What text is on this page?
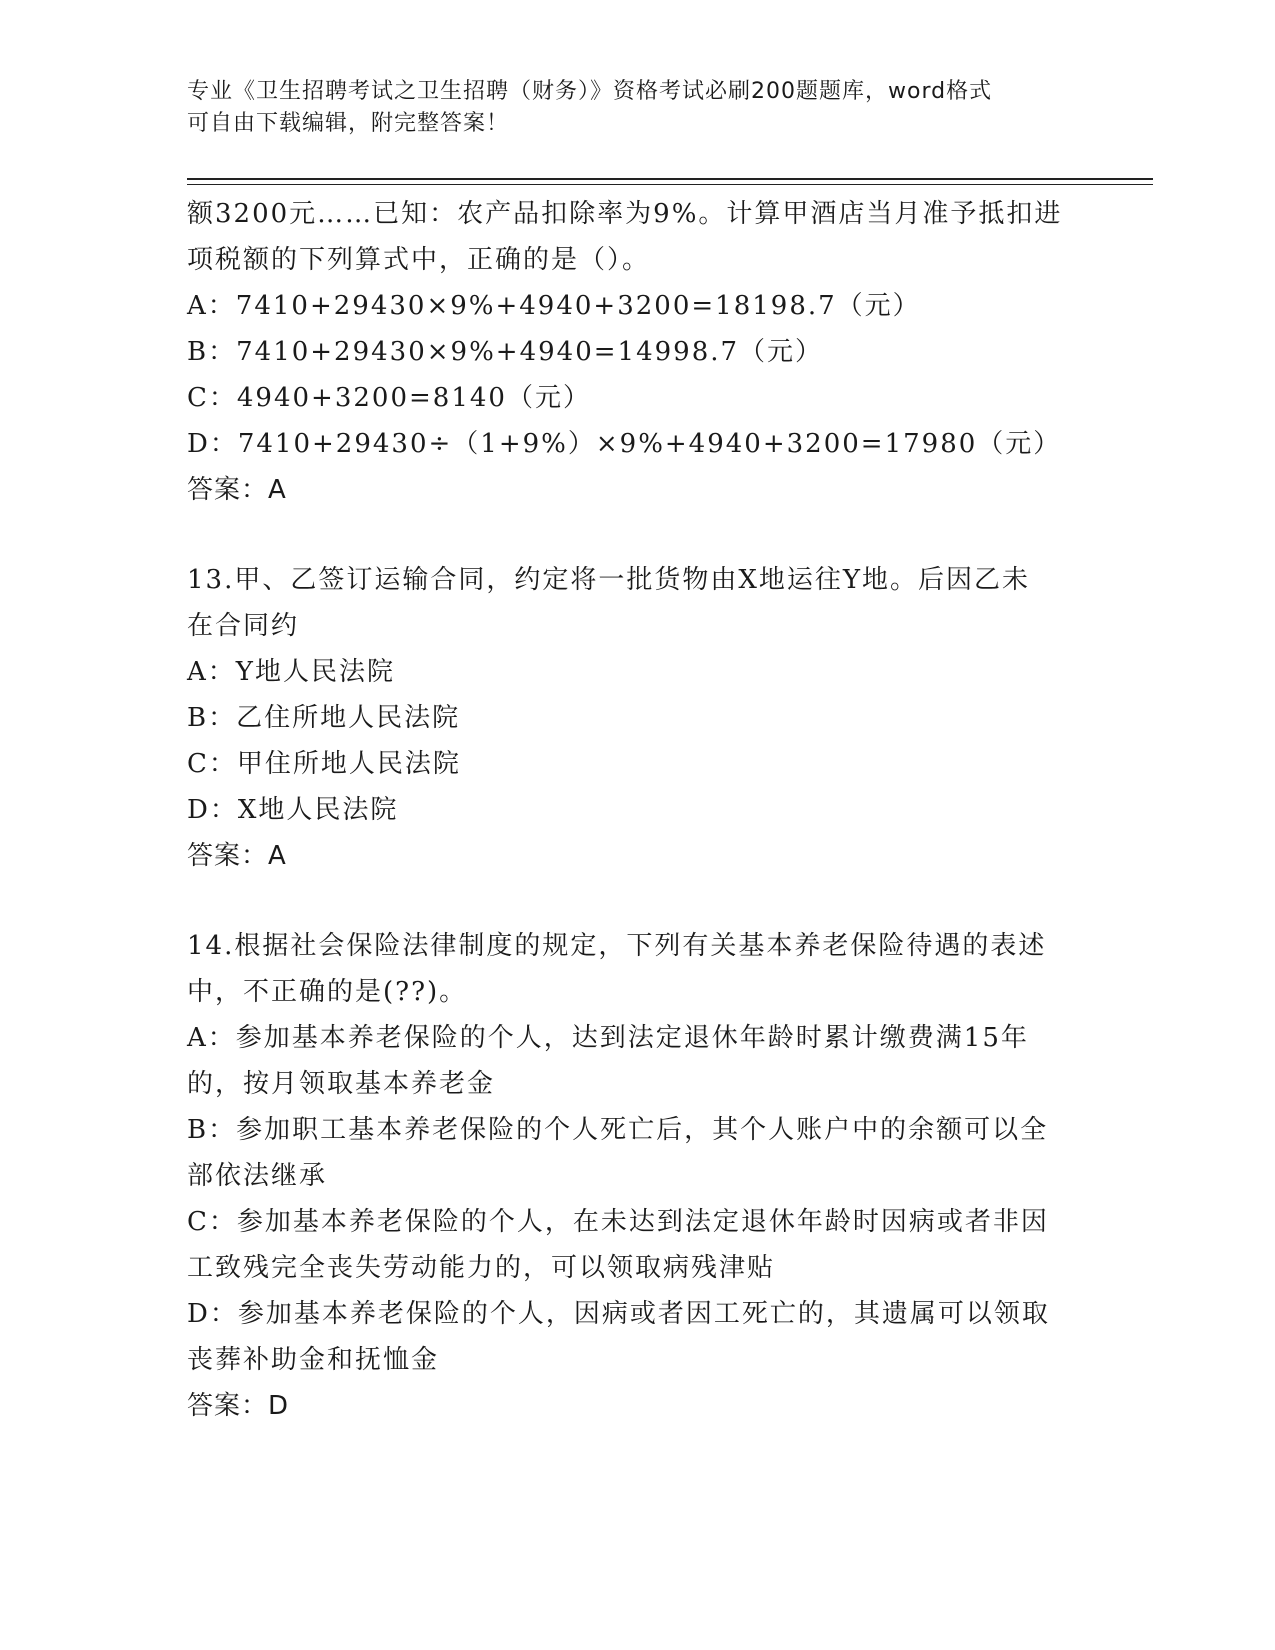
专业《卫生招聘考试之卫生招聘（财务）》资格考试必刷200题题库，word格式
可自由下载编辑，附完整答案！
额3200元……已知：农产品扣除率为9%。计算甲酒店当月准予抵扣进
项税额的下列算式中，正确的是（）。
A：7410+29430×9%+4940+3200=18198.7（元）
B：7410+29430×9%+4940=14998.7（元）
C：4940+3200=8140（元）
D：7410+29430÷（1+9%）×9%+4940+3200=17980（元）
答案：A
13.甲、乙签订运输合同，约定将一批货物由X地运往Y地。后因乙未
在合同约
A：Y地人民法院
B：乙住所地人民法院
C：甲住所地人民法院
D：X地人民法院
答案：A
14.根据社会保险法律制度的规定，下列有关基本养老保险待遇的表述
中，不正确的是(??)。
A：参加基本养老保险的个人，达到法定退休年龄时累计缴费满15年
的，按月领取基本养老金
B：参加职工基本养老保险的个人死亡后，其个人账户中的余额可以全
部依法继承
C：参加基本养老保险的个人，在未达到法定退休年龄时因病或者非因
工致残完全丧失劳动能力的，可以领取病残津贴
D：参加基本养老保险的个人，因病或者因工死亡的，其遗属可以领取
丧葬补助金和抚恤金
答案：D
